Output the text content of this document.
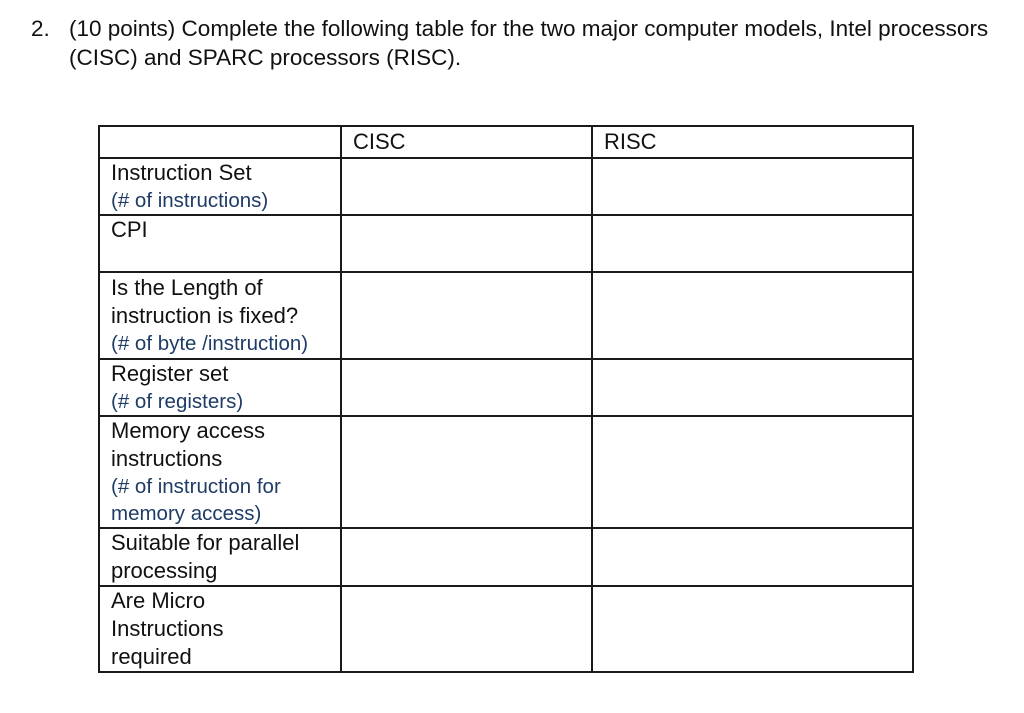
2. (10 points) Complete the following table for the two major computer models, Intel processors (CISC) and SPARC processors (RISC).
	CISC	RISC

Instruction Set
(# of instructions)		

CPI		

Is the Length of
instruction is fixed?
(# of byte /instruction)		

Register set
(# of registers)		

Memory access
instructions
(# of instruction for
memory access)		

Suitable for parallel
processing		

Are Micro
Instructions
required		
